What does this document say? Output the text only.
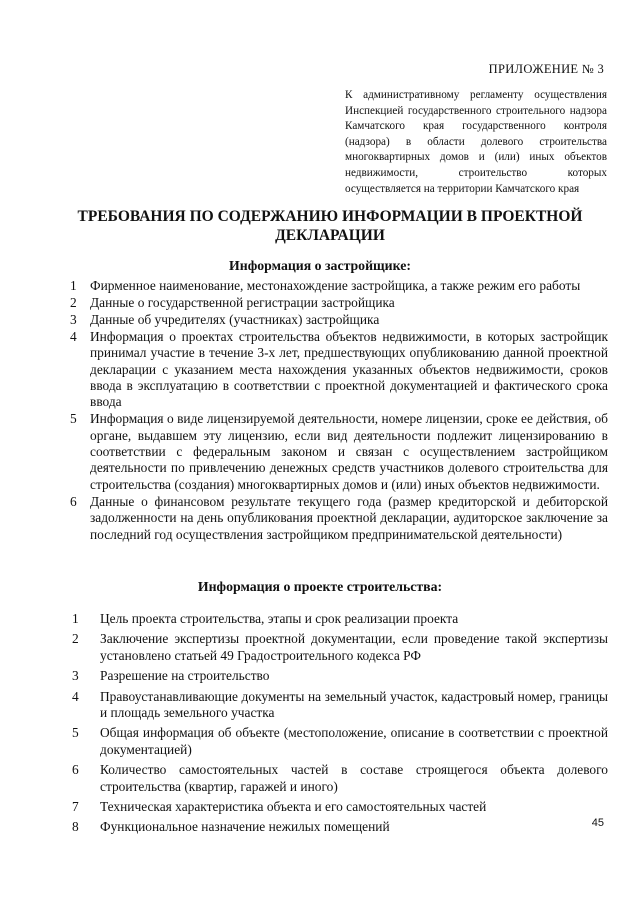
ПРИЛОЖЕНИЕ № 3
К административному регламенту осуществления Инспекцией государственного строительного надзора Камчатского края государственного контроля (надзора) в области долевого строительства многоквартирных домов и (или) иных объектов недвижимости, строительство которых осуществляется на территории Камчатского края
ТРЕБОВАНИЯ ПО СОДЕРЖАНИЮ ИНФОРМАЦИИ В ПРОЕКТНОЙ ДЕКЛАРАЦИИ
Информация о застройщике:
1 Фирменное наименование, местонахождение застройщика, а также режим его работы
2 Данные о государственной регистрации застройщика
3 Данные об учредителях (участниках) застройщика
4 Информация о проектах строительства объектов недвижимости, в которых застройщик принимал участие в течение 3-х лет, предшествующих опубликованию данной проектной декларации с указанием места нахождения указанных объектов недвижимости, сроков ввода в эксплуатацию в соответствии с проектной документацией и фактического срока ввода
5 Информация о виде лицензируемой деятельности, номере лицензии, сроке ее действия, об органе, выдавшем эту лицензию, если вид деятельности подлежит лицензированию в соответствии с федеральным законом и связан с осуществлением застройщиком деятельности по привлечению денежных средств участников долевого строительства для строительства (создания) многоквартирных домов и (или) иных объектов недвижимости.
6 Данные о финансовом результате текущего года (размер кредиторской и дебиторской задолженности на день опубликования проектной декларации, аудиторское заключение за последний год осуществления застройщиком предпринимательской деятельности)
Информация о проекте строительства:
1 Цель проекта строительства, этапы и срок реализации проекта
2 Заключение экспертизы проектной документации, если проведение такой экспертизы установлено статьей 49 Градостроительного кодекса РФ
3 Разрешение на строительство
4 Правоустанавливающие документы на земельный участок, кадастровый номер, границы и площадь земельного участка
5 Общая информация об объекте (местоположение, описание в соответствии с проектной документацией)
6 Количество самостоятельных частей в составе строящегося объекта долевого строительства (квартир, гаражей и иного)
7 Техническая характеристика объекта и его самостоятельных частей
8 Функциональное назначение нежилых помещений	45
